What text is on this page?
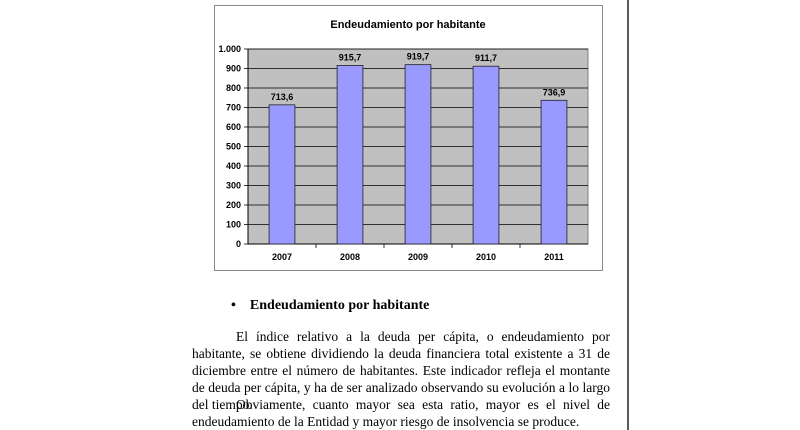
Endeudamiento por habitante
0
100
200
300
400
500
600
700
800
900
1.000
713,6
2007
915,7
2008
919,7
2009
911,7
2010
736,9
2011
• Endeudamiento por habitante
El índice relativo a la deuda per cápita, o endeudamiento por habitante, se obtiene dividiendo la deuda financiera total existente a 31 de diciembre entre el número de habitantes. Este indicador refleja el montante de deuda per cápita, y ha de ser analizado observando su evolución a lo largo del tiempo.
Obviamente, cuanto mayor sea esta ratio, mayor es el nivel de endeudamiento de la Entidad y mayor riesgo de insolvencia se produce.
